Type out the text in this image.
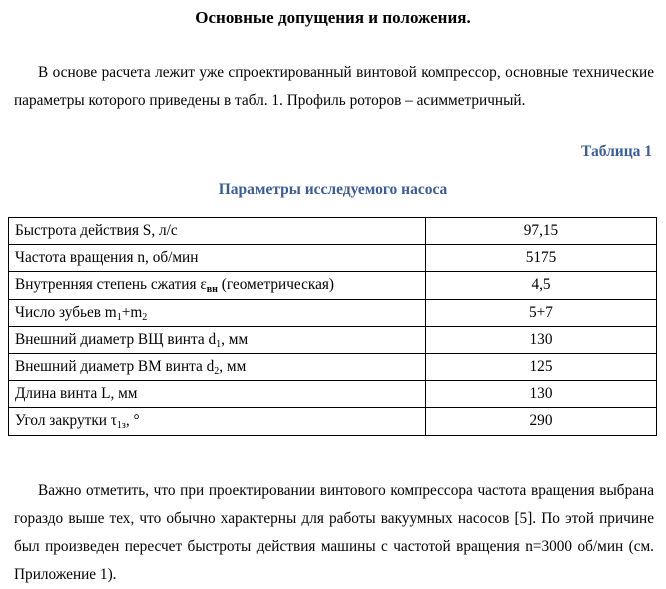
Основные допущения и положения.

В основе расчета лежит уже спроектированный винтовой компрессор, основные технические параметры которого приведены в табл. 1. Профиль роторов – асимметричный.

Таблица 1
Параметры исследуемого насоса
Быстрота действия S, л/с	97,15
Частота вращения n, об/мин	5175
Внутренняя степень сжатия $\varepsilon_{вн}$ (геометрическая)	4,5
Число зубьев $m_1+m_2$	5+7
Внешний диаметр ВЩ винта $d_1$, мм	130
Внешний диаметр ВМ винта $d_2$, мм	125
Длина винта L, мм	130
Угол закрутки $\tau_{1з}$, °	290

Важно отметить, что при проектировании винтового компрессора частота вращения выбрана гораздо выше тех, что обычно характерны для работы вакуумных насосов [5]. По этой причине был произведен пересчет быстроты действия машины с частотой вращения n=3000 об/мин (см. Приложение 1).
